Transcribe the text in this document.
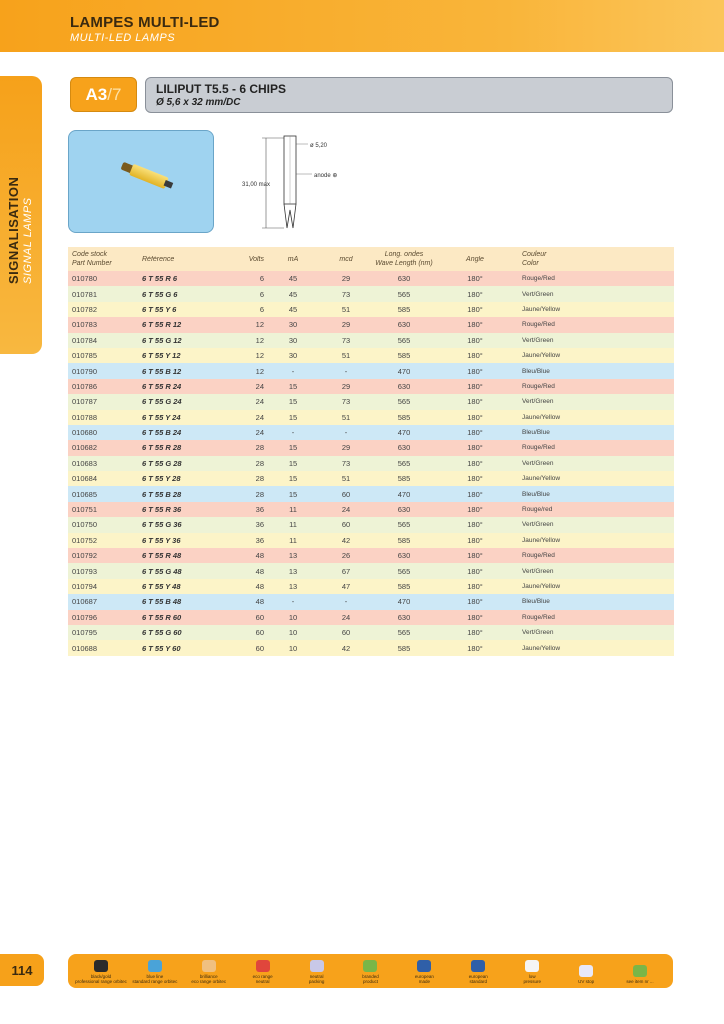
LAMPES MULTI-LED
MULTI-LED LAMPS
SIGNALISATION SIGNAL LAMPS
A3 /7	LILIPUT T5.5 - 6 CHIPS
Ø 5,6 x 32 mm/DC
ø 5,20
anode ⊕
31,00 max
Code stock
Part Number
Référence	Volts	mA	mcd
Long. ondes
Wave Length (nm)
Angle
Couleur
Color
010780	6 T 55 R 6	6	45	29	630	180°	Rouge/Red
010781	6 T 55 G 6	6	45	73	565	180°	Vert/Green
010782	6 T 55 Y 6	6	45	51	585	180°	Jaune/Yellow
010783	6 T 55 R 12	12	30	29	630	180°	Rouge/Red
010784	6 T 55 G 12	12	30	73	565	180°	Vert/Green
010785	6 T 55 Y 12	12	30	51	585	180°	Jaune/Yellow
010790	6 T 55 B 12	12	-	-	470	180°	Bleu/Blue
010786	6 T 55 R 24	24	15	29	630	180°	Rouge/Red
010787	6 T 55 G 24	24	15	73	565	180°	Vert/Green
010788	6 T 55 Y 24	24	15	51	585	180°	Jaune/Yellow
010680	6 T 55 B 24	24	-	-	470	180°	Bleu/Blue
010682	6 T 55 R 28	28	15	29	630	180°	Rouge/Red
010683	6 T 55 G 28	28	15	73	565	180°	Vert/Green
010684	6 T 55 Y 28	28	15	51	585	180°	Jaune/Yellow
010685	6 T 55 B 28	28	15	60	470	180°	Bleu/Blue
010751	6 T 55 R 36	36	11	24	630	180°	Rouge/red
010750	6 T 55 G 36	36	11	60	565	180°	Vert/Green
010752	6 T 55 Y 36	36	11	42	585	180°	Jaune/Yellow
010792	6 T 55 R 48	48	13	26	630	180°	Rouge/Red
010793	6 T 55 G 48	48	13	67	565	180°	Vert/Green
010794	6 T 55 Y 48	48	13	47	585	180°	Jaune/Yellow
010687	6 T 55 B 48	48	-	-	470	180°	Bleu/Blue
010796	6 T 55 R 60	60	10	24	630	180°	Rouge/Red
010795	6 T 55 G 60	60	10	60	565	180°	Vert/Green
010688	6 T 55 Y 60	60	10	42	585	180°	Jaune/Yellow
114	black/gold
professional range orbitec
blue line
standard range orbitec
brilliance
eco range orbitec
eco range
neutral
neutral
packing
branded
product
european
made
european
standard
low
pressure	UV stop	see item nr ...
